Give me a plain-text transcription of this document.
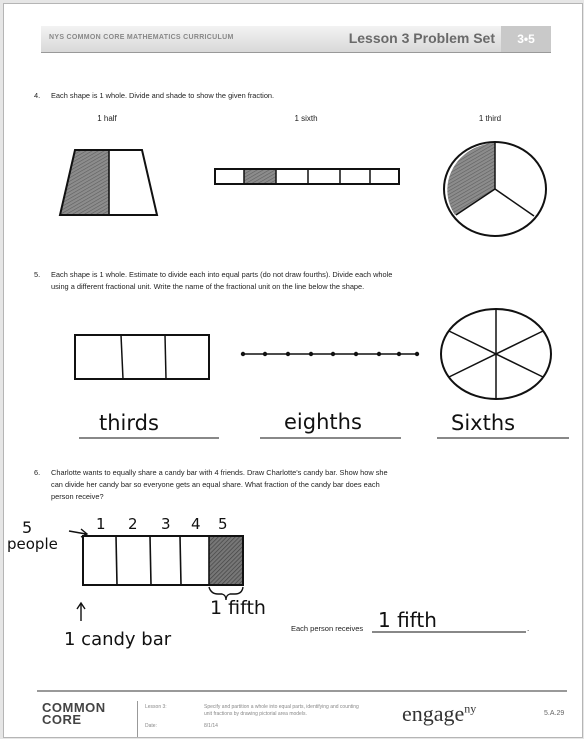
NYS COMMON CORE MATHEMATICS CURRICULUM	Lesson 3 Problem Set	3•5
4. Each shape is 1 whole. Divide and shade to show the given fraction.
1 half	1 sixth	1 third
5. Each shape is 1 whole. Estimate to divide each into equal parts (do not draw fourths). Divide each whole
using a different fractional unit. Write the name of the fractional unit on the line below the shape.
thirds	eighths	Sixths
6. Charlotte wants to equally share a candy bar with 4 friends. Draw Charlotte's candy bar. Show how she
can divide her candy bar so everyone gets an equal share. What fraction of the candy bar does each
person receive?
5
people
1 2 3 4 5
1 fifth
1 candy bar
Each person receives 1 fifth	.
COMMON
CORE
Lesson 3:
Date:
Specify and partition a whole into equal parts, identifying and counting
unit fractions by drawing pictorial area models.
8/1/14	engage$^{ny}$	5.A.29
